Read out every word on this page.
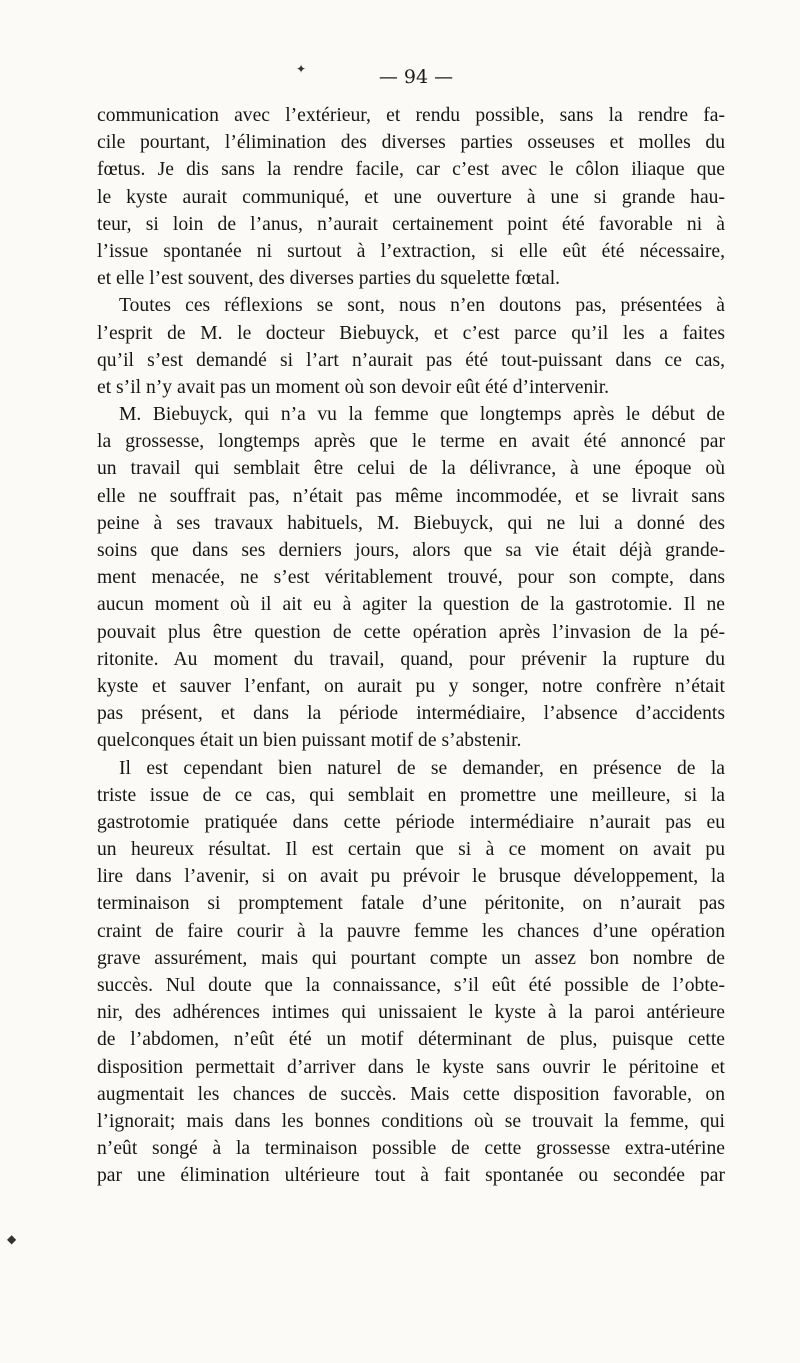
— 94 —
communication avec l’extérieur, et rendu possible, sans la rendre fa-
cile pourtant, l’élimination des diverses parties osseuses et molles du
fœtus. Je dis sans la rendre facile, car c’est avec le côlon iliaque que
le kyste aurait communiqué, et une ouverture à une si grande hau-
teur, si loin de l’anus, n’aurait certainement point été favorable ni à
l’issue spontanée ni surtout à l’extraction, si elle eût été nécessaire,
et elle l’est souvent, des diverses parties du squelette fœtal.
Toutes ces réflexions se sont, nous n’en doutons pas, présentées à
l’esprit de M. le docteur Biebuyck, et c’est parce qu’il les a faites
qu’il s’est demandé si l’art n’aurait pas été tout-puissant dans ce cas,
et s’il n’y avait pas un moment où son devoir eût été d’intervenir.
M. Biebuyck, qui n’a vu la femme que longtemps après le début de
la grossesse, longtemps après que le terme en avait été annoncé par
un travail qui semblait être celui de la délivrance, à une époque où
elle ne souffrait pas, n’était pas même incommodée, et se livrait sans
peine à ses travaux habituels, M. Biebuyck, qui ne lui a donné des
soins que dans ses derniers jours, alors que sa vie était déjà grande-
ment menacée, ne s’est véritablement trouvé, pour son compte, dans
aucun moment où il ait eu à agiter la question de la gastrotomie. Il ne
pouvait plus être question de cette opération après l’invasion de la pé-
ritonite. Au moment du travail, quand, pour prévenir la rupture du
kyste et sauver l’enfant, on aurait pu y songer, notre confrère n’était
pas présent, et dans la période intermédiaire, l’absence d’accidents
quelconques était un bien puissant motif de s’abstenir.
Il est cependant bien naturel de se demander, en présence de la
triste issue de ce cas, qui semblait en promettre une meilleure, si la
gastrotomie pratiquée dans cette période intermédiaire n’aurait pas eu
un heureux résultat. Il est certain que si à ce moment on avait pu
lire dans l’avenir, si on avait pu prévoir le brusque développement, la
terminaison si promptement fatale d’une péritonite, on n’aurait pas
craint de faire courir à la pauvre femme les chances d’une opération
grave assurément, mais qui pourtant compte un assez bon nombre de
succès. Nul doute que la connaissance, s’il eût été possible de l’obte-
nir, des adhérences intimes qui unissaient le kyste à la paroi antérieure
de l’abdomen, n’eût été un motif déterminant de plus, puisque cette
disposition permettait d’arriver dans le kyste sans ouvrir le péritoine et
augmentait les chances de succès. Mais cette disposition favorable, on
l’ignorait; mais dans les bonnes conditions où se trouvait la femme, qui
n’eût songé à la terminaison possible de cette grossesse extra-utérine
par une élimination ultérieure tout à fait spontanée ou secondée par
✦
◆
